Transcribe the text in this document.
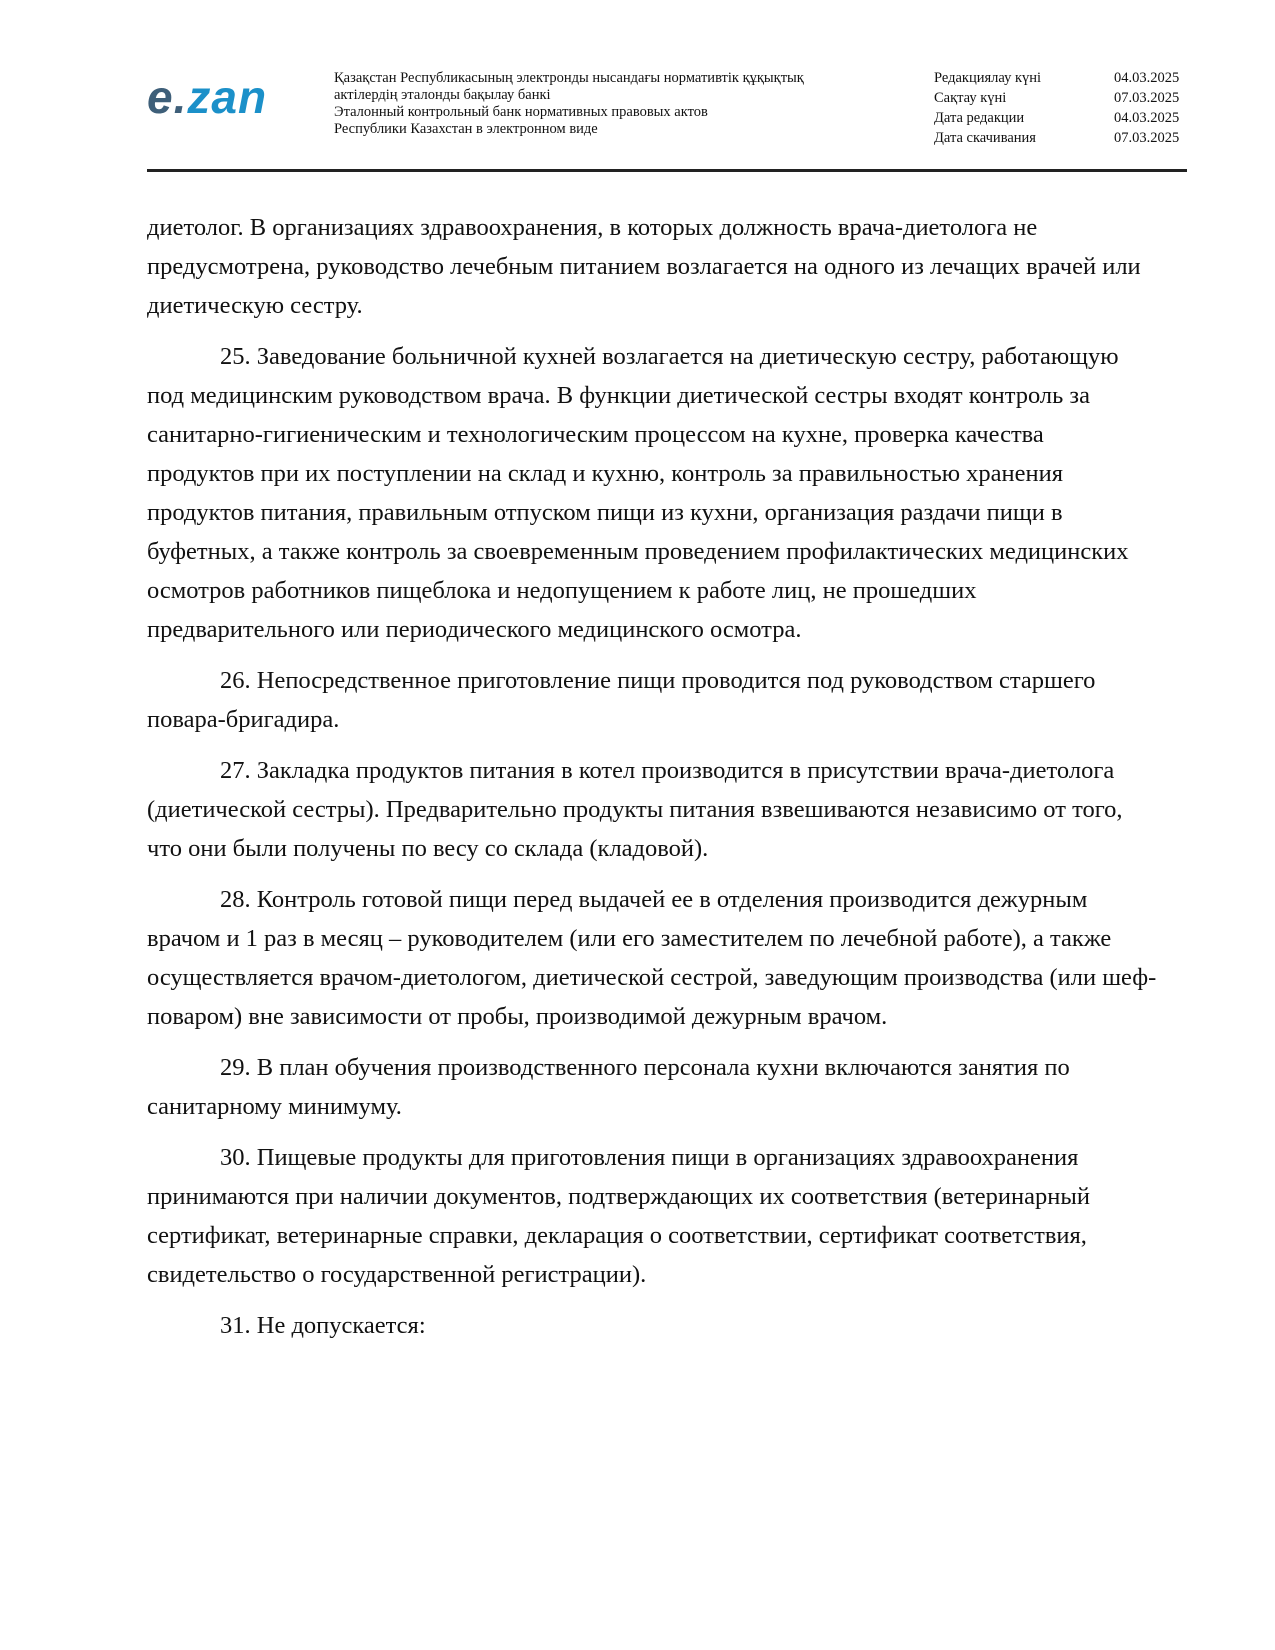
e.zan	Қазақстан Республикасының электронды нысандағы нормативтік құқықтық
актілердің эталонды бақылау банкі
Эталонный контрольный банк нормативных правовых актов
Республики Казахстан в электронном виде
Редакциялау күні	04.03.2025
Сақтау күні	07.03.2025
Дата редакции	04.03.2025
Дата скачивания	07.03.2025

диетолог. В организациях здравоохранения, в которых должность врача-диетолога не предусмотрена, руководство лечебным питанием возлагается на одного из лечащих врачей или диетическую сестру.

25. Заведование больничной кухней возлагается на диетическую сестру, работающую под медицинским руководством врача. В функции диетической сестры входят контроль за санитарно-гигиеническим и технологическим процессом на кухне, проверка качества продуктов при их поступлении на склад и кухню, контроль за правильностью хранения продуктов питания, правильным отпуском пищи из кухни, организация раздачи пищи в буфетных, а также контроль за своевременным проведением профилактических медицинских осмотров работников пищеблока и недопущением к работе лиц, не прошедших предварительного или периодического медицинского осмотра.

26. Непосредственное приготовление пищи проводится под руководством старшего повара-бригадира.

27. Закладка продуктов питания в котел производится в присутствии врача-диетолога (диетической сестры). Предварительно продукты питания взвешиваются независимо от того, что они были получены по весу со склада (кладовой).

28. Контроль готовой пищи перед выдачей ее в отделения производится дежурным врачом и 1 раз в месяц – руководителем (или его заместителем по лечебной работе), а также осуществляется врачом-диетологом, диетической сестрой, заведующим производства (или шеф-поваром) вне зависимости от пробы, производимой дежурным врачом.

29. В план обучения производственного персонала кухни включаются занятия по санитарному минимуму.

30. Пищевые продукты для приготовления пищи в организациях здравоохранения принимаются при наличии документов, подтверждающих их соответствия (ветеринарный сертификат, ветеринарные справки, декларация о соответствии, сертификат соответствия, свидетельство о государственной регистрации).

31. Не допускается:
